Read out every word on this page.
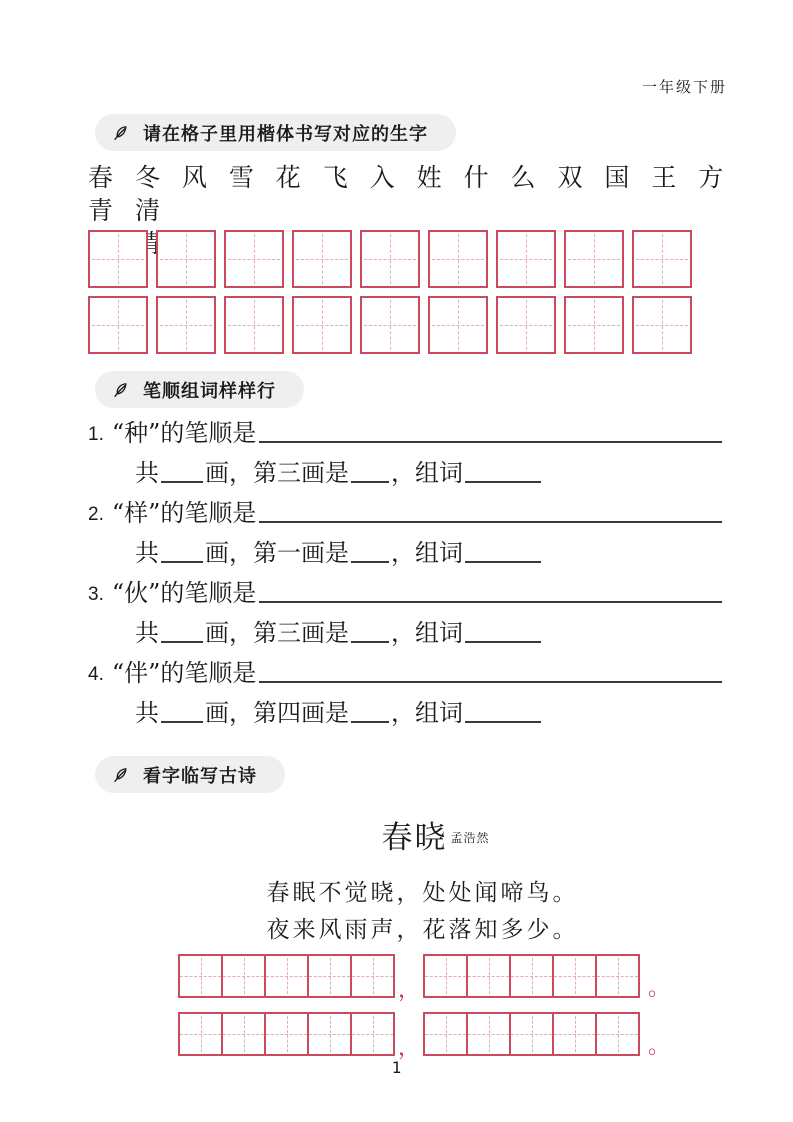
一年级下册
请在格子里用楷体书写对应的生字
春 冬 风 雪 花 飞 入 姓 什 么 双 国 王 方 青 清
晴
笔顺组词样样行
1. “种”的笔顺是
共 画，第三画是 ，组词
2. “样”的笔顺是
共 画，第一画是 ，组词
3. “伙”的笔顺是
共 画，第三画是 ，组词
4. “伴”的笔顺是
共 画，第四画是 ，组词
看字临写古诗
春晓 孟浩然
春眠不觉晓，处处闻啼鸟。
夜来风雨声，花落知多少。
，	。
，	。
1
